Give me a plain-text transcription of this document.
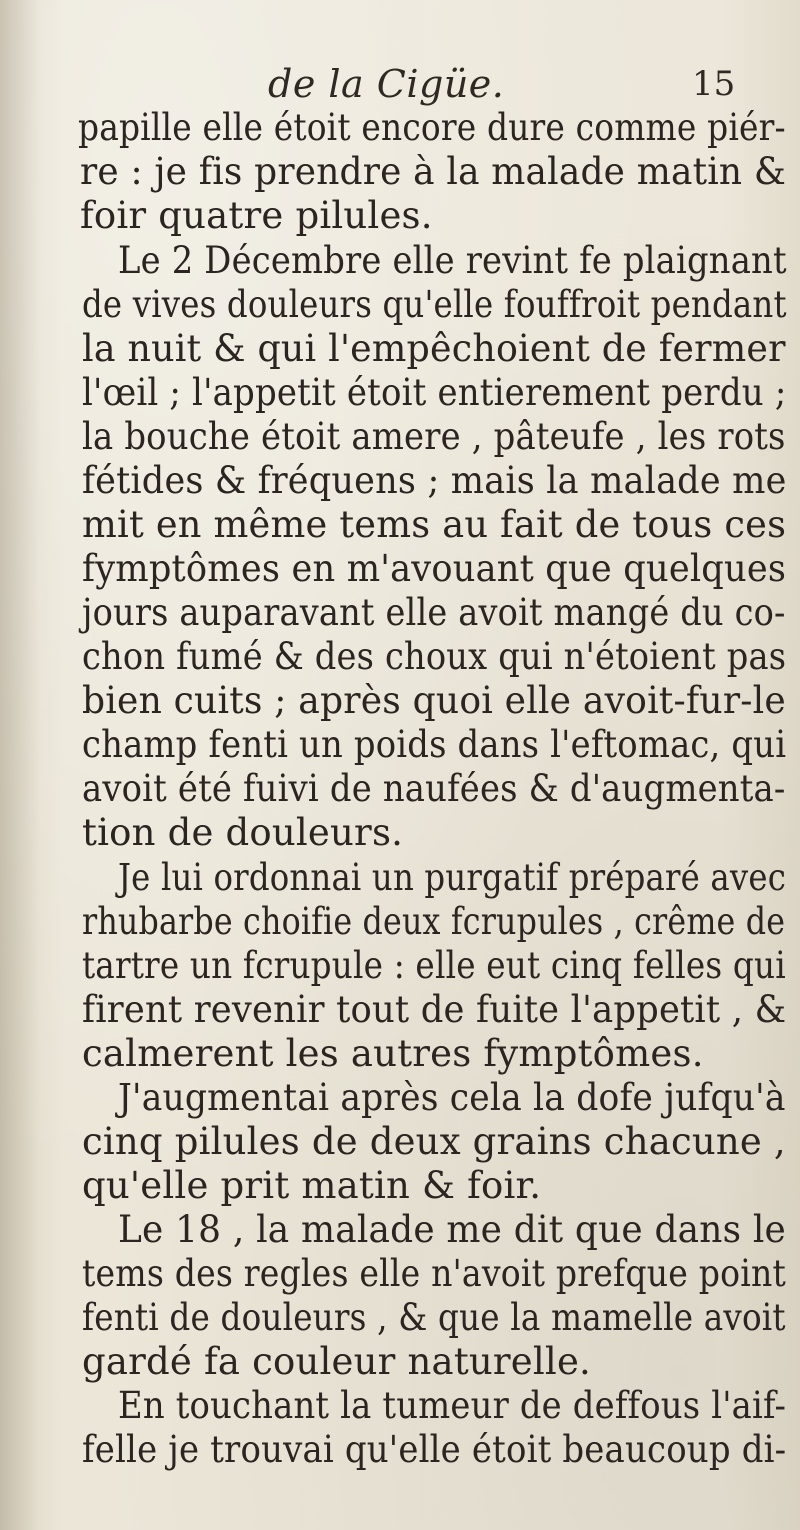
de la Cigüe.	15
papille elle étoit encore dure comme piér-
re : je fis prendre à la malade matin &
foir quatre pilules.
Le 2 Décembre elle revint fe plaignant
de vives douleurs qu'elle fouffroit pendant
la nuit & qui l'empêchoient de fermer
l'œil ; l'appetit étoit entierement perdu ;
la bouche étoit amere , pâteufe , les rots
fétides & fréquens ; mais la malade me
mit en même tems au fait de tous ces
fymptômes en m'avouant que quelques
jours auparavant elle avoit mangé du co-
chon fumé & des choux qui n'étoient pas
bien cuits ; après quoi elle avoit-fur-le
champ fenti un poids dans l'eftomac, qui
avoit été fuivi de naufées & d'augmenta-
tion de douleurs.
Je lui ordonnai un purgatif préparé avec
rhubarbe choifie deux fcrupules , crême de
tartre un fcrupule : elle eut cinq felles qui
firent revenir tout de fuite l'appetit , &
calmerent les autres fymptômes.
J'augmentai après cela la dofe jufqu'à
cinq pilules de deux grains chacune ,
qu'elle prit matin & foir.
Le 18 , la malade me dit que dans le
tems des regles elle n'avoit prefque point
fenti de douleurs , & que la mamelle avoit
gardé fa couleur naturelle.
En touchant la tumeur de deffous l'aif-
felle je trouvai qu'elle étoit beaucoup di-
